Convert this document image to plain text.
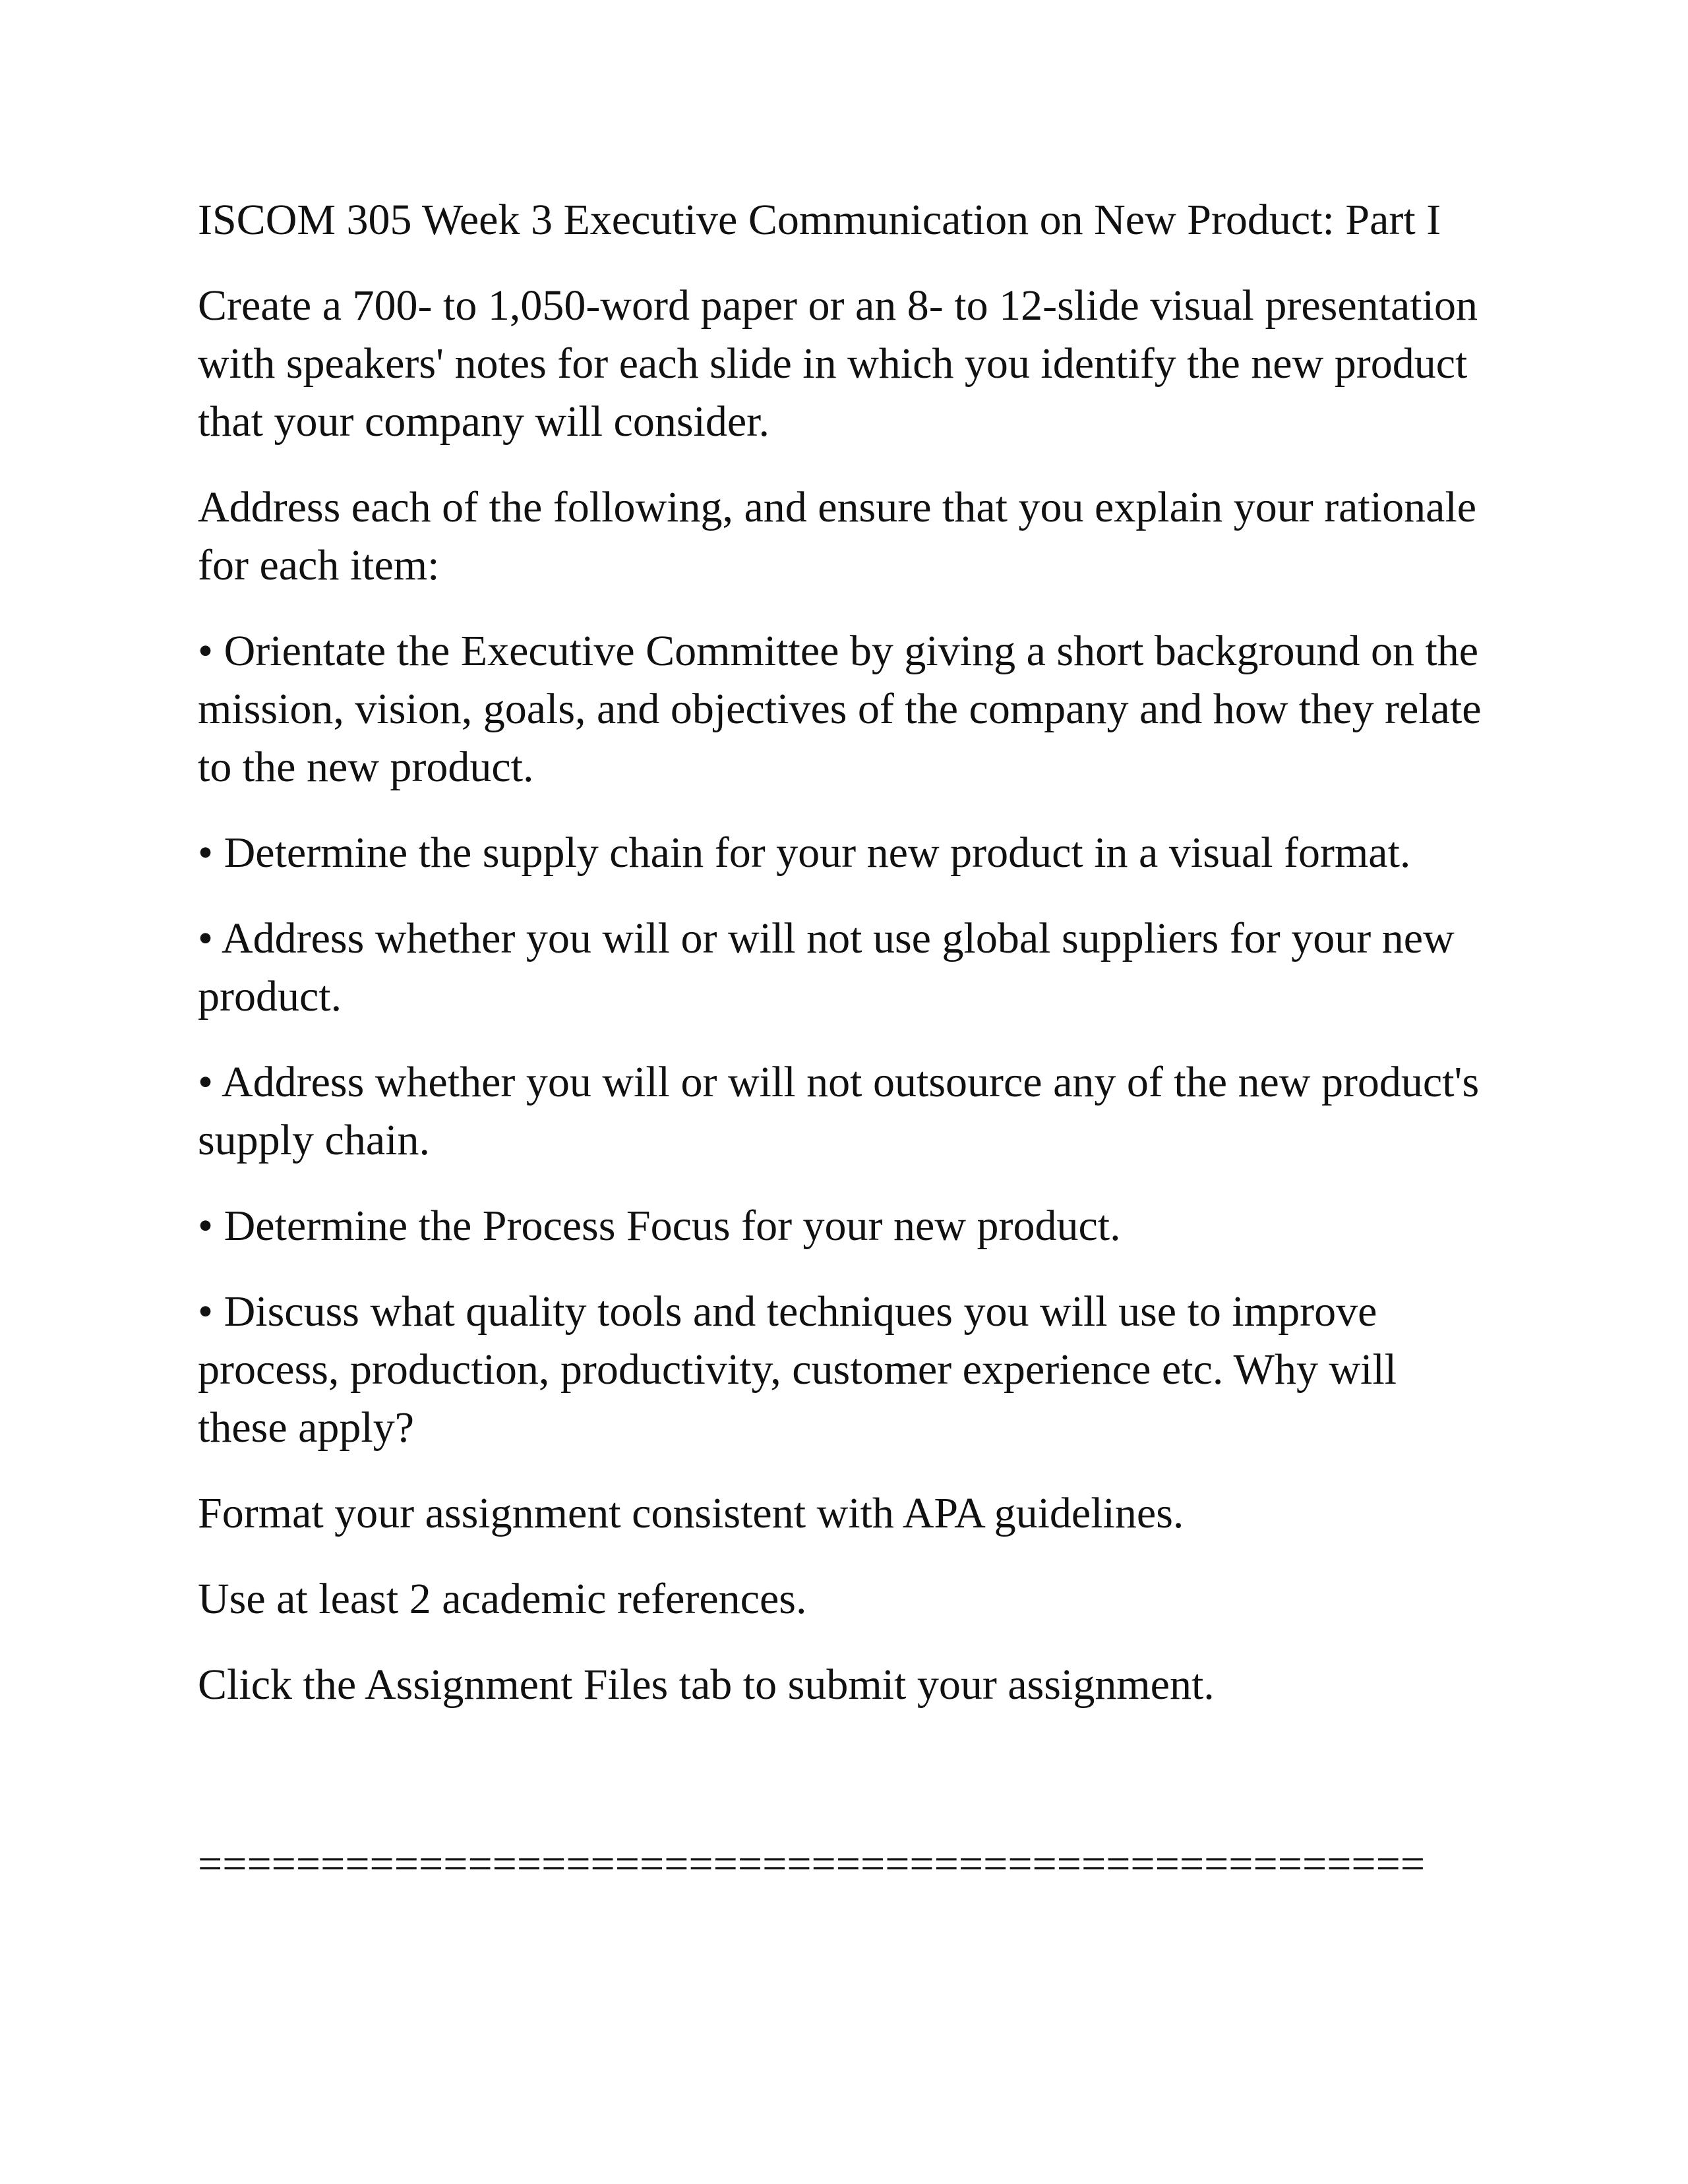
ISCOM 305 Week 3 Executive Communication on New Product: Part I

Create a 700- to 1,050-word paper or an 8- to 12-slide visual presentation with speakers' notes for each slide in which you identify the new product that your company will consider.

Address each of the following, and ensure that you explain your rationale for each item:

• Orientate the Executive Committee by giving a short background on the mission, vision, goals, and objectives of the company and how they relate to the new product.

• Determine the supply chain for your new product in a visual format.

• Address whether you will or will not use global suppliers for your new product.

• Address whether you will or will not outsource any of the new product's supply chain.

• Determine the Process Focus for your new product.

• Discuss what quality tools and techniques you will use to improve process, production, productivity, customer experience etc. Why will these apply?

Format your assignment consistent with APA guidelines.

Use at least 2 academic references.

Click the Assignment Files tab to submit your assignment.

==================================================
